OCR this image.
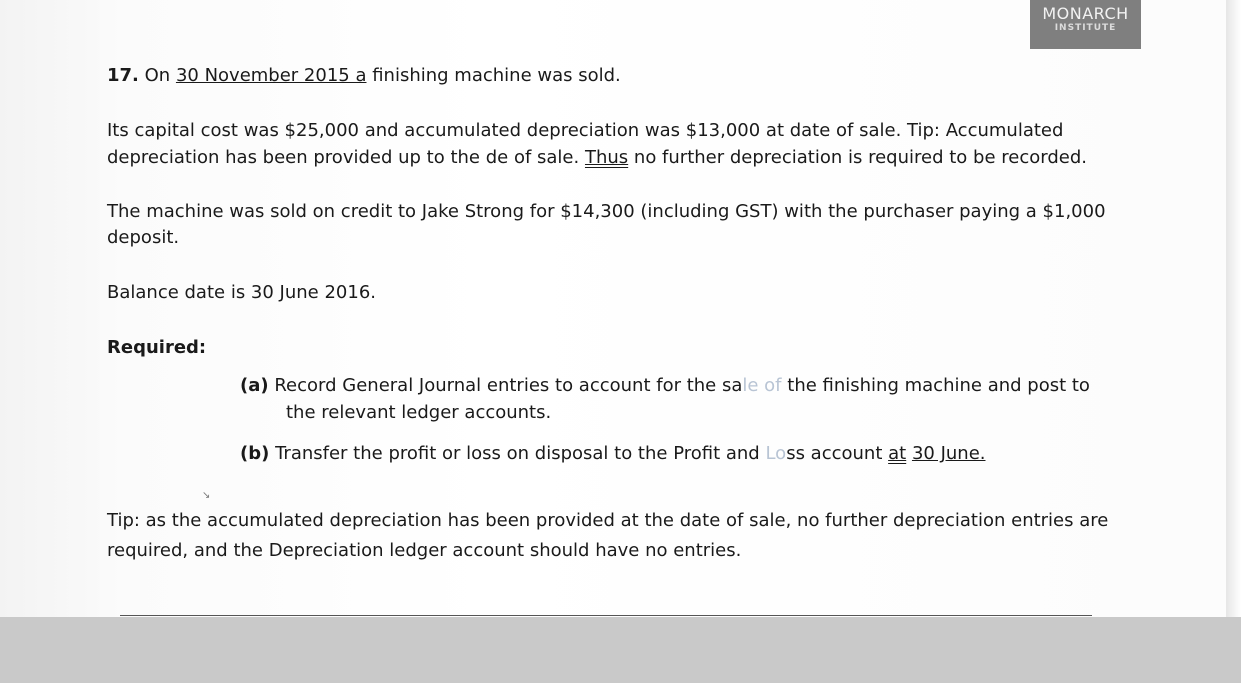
MONARCH
INSTITUTE
17. On 30 November 2015 a finishing machine was sold.
Its capital cost was $25,000 and accumulated depreciation was $13,000 at date of sale. Tip: Accumulated
depreciation has been provided up to the de of sale. Thus no further depreciation is required to be recorded.
The machine was sold on credit to Jake Strong for $14,300 (including GST) with the purchaser paying a $1,000
deposit.
Balance date is 30 June 2016.
Required:
(a) Record General Journal entries to account for the sale of the finishing machine and post to
the relevant ledger accounts.
(b) Transfer the profit or loss on disposal to the Profit and Loss account at 30 June.
↘
Tip: as the accumulated depreciation has been provided at the date of sale, no further depreciation entries are
required, and the Depreciation ledger account should have no entries.
